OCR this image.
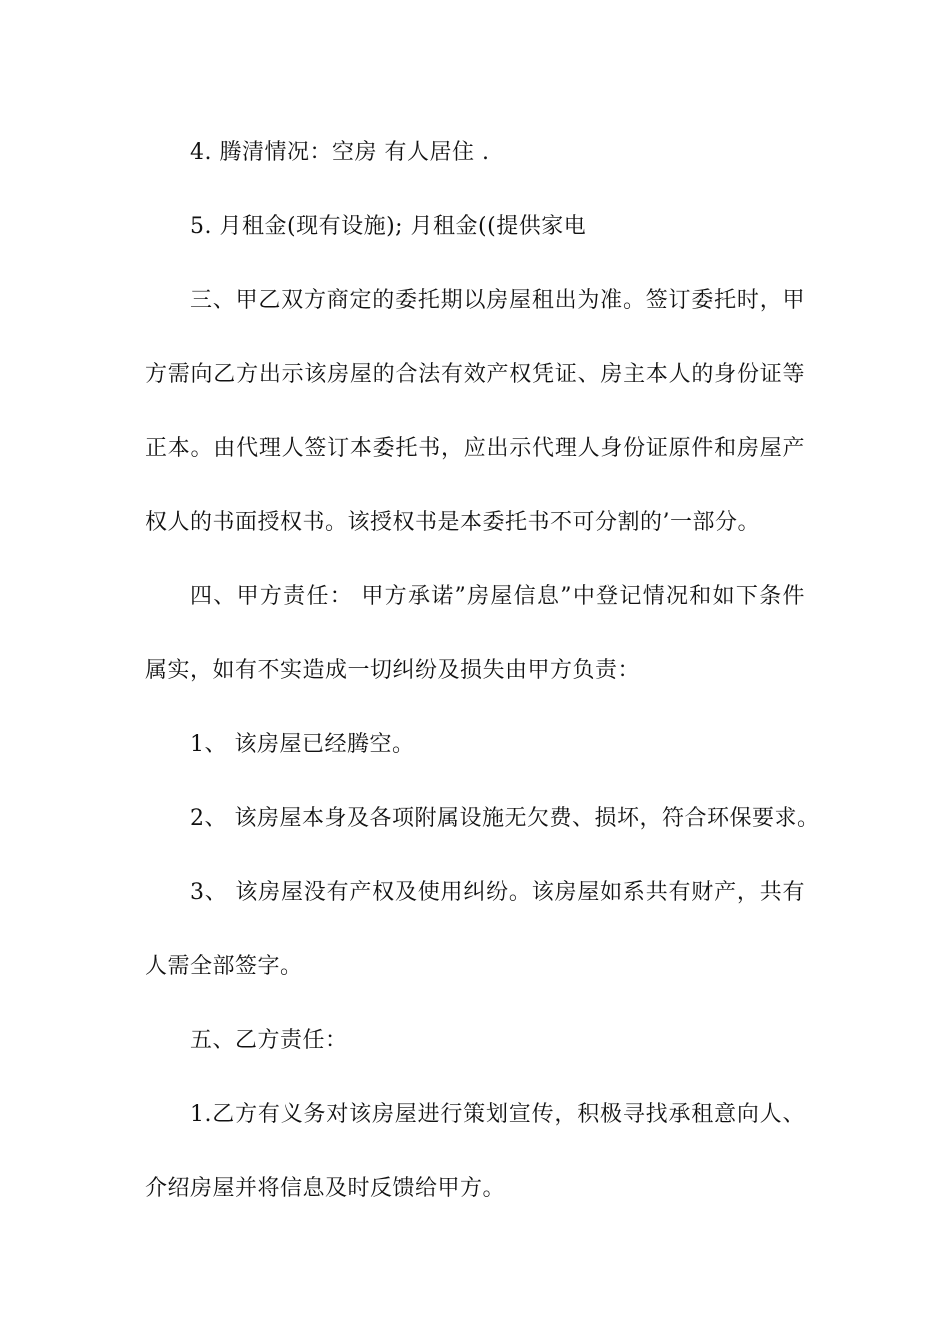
4. 腾清情况：空房 有人居住 .
5. 月租金(现有设施); 月租金((提供家电
三、甲乙双方商定的委托期以房屋租出为准。签订委托时，甲
方需向乙方出示该房屋的合法有效产权凭证、房主本人的身份证等
正本。由代理人签订本委托书，应出示代理人身份证原件和房屋产
权人的书面授权书。该授权书是本委托书不可分割的’一部分。
四、甲方责任： 甲方承诺”房屋信息”中登记情况和如下条件
属实，如有不实造成一切纠纷及损失由甲方负责：
1、 该房屋已经腾空。
2、 该房屋本身及各项附属设施无欠费、损坏，符合环保要求。
3、 该房屋没有产权及使用纠纷。该房屋如系共有财产，共有
人需全部签字。
五、乙方责任：
1.乙方有义务对该房屋进行策划宣传，积极寻找承租意向人、
介绍房屋并将信息及时反馈给甲方。
